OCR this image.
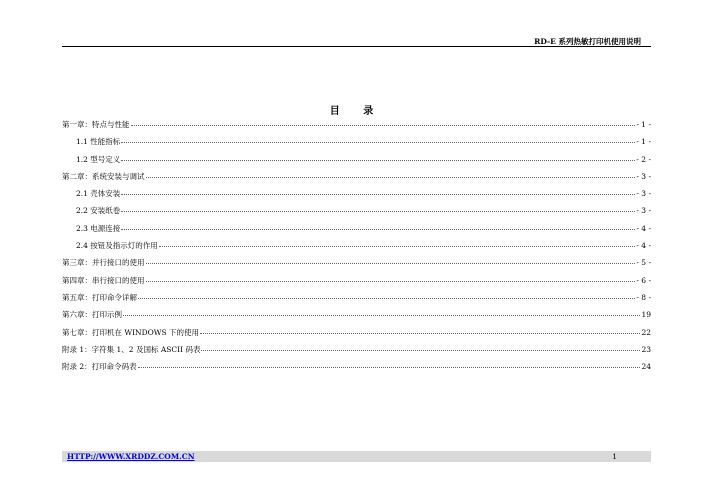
RD-E 系列热敏打印机使用说明
目 录
第一章：特点与性能	- 1 -
1.1 性能指标	- 1 -
1.2 型号定义	- 2 -
第二章：系统安装与调试	- 3 -
2.1 壳体安装	- 3 -
2.2 安装纸卷	- 3 -
2.3 电源连接	- 4 -
2.4 按钮及指示灯的作用	- 4 -
第三章：并行接口的使用	- 5 -
第四章：串行接口的使用	- 6 -
第五章：打印命令详解	- 8 -
第六章：打印示例	19
第七章：打印机在 WINDOWS 下的使用	22
附录 1：字符集 1、2 及国标 ASCII 码表	23
附录 2：打印命令码表	24
HTTP://WWW.XRDDZ.COM.CN	1
